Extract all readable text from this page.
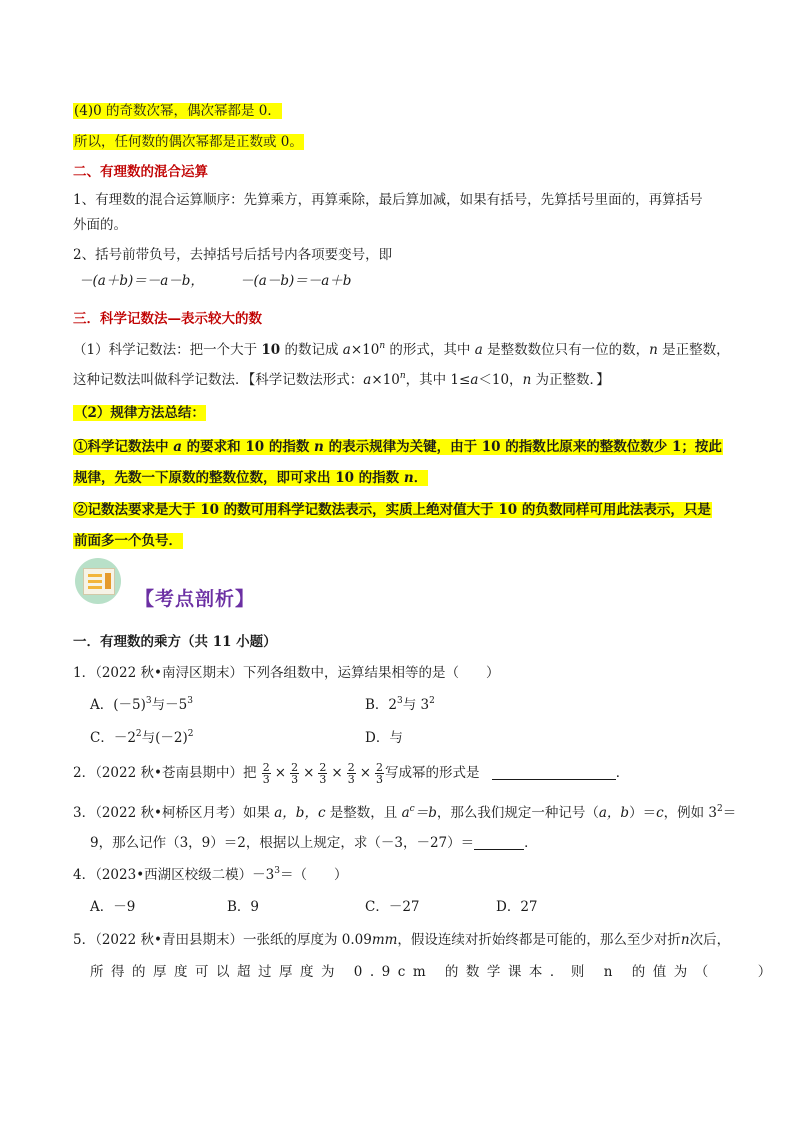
(4)0 的奇数次幂，偶次幂都是 0．
所以，任何数的偶次幂都是正数或 0。
二、有理数的混合运算
1、有理数的混合运算顺序：先算乘方，再算乘除，最后算加减，如果有括号，先算括号里面的，再算括号
外面的。
2、括号前带负号，去掉括号后括号内各项要变号，即
－(a＋b)＝－a－b，	－(a－b)＝－a＋b
三．科学记数法—表示较大的数
（1）科学记数法：把一个大于 10 的数记成 $a\times 10^n$ 的形式，其中 a 是整数数位只有一位的数，n 是正整数，
这种记数法叫做科学记数法．【科学记数法形式：$a\times 10^n$，其中 1≤a＜10，n 为正整数．】
（2）规律方法总结：
①科学记数法中 a 的要求和 10 的指数 n 的表示规律为关键，由于 10 的指数比原来的整数位数少 1；按此
规律，先数一下原数的整数位数，即可求出 10 的指数 n．
②记数法要求是大于 10 的数可用科学记数法表示，实质上绝对值大于 10 的负数同样可用此法表示，只是
前面多一个负号．
【考点剖析】
一．有理数的乘方（共 11 小题）
1．（2022 秋•南浔区期末）下列各组数中，运算结果相等的是（　　）
A．$(-5)^3$与$-5^3$	B．$2^3$与 $3^2$
C．$-2^2$与$(-2)^2$	D．与
2．（2022 秋•苍南县期中）把 $\frac{2}{3} \times \frac{2}{3} \times \frac{2}{3} \times \frac{2}{3} \times \frac{2}{3}$ 写成幂的形式是	．
3．（2022 秋•柯桥区月考）如果 a，b，c 是整数，且 $a^c=b$，那么我们规定一种记号（a，b）＝c，例如 $3^2=$
9，那么记作（3，9）＝2，根据以上规定，求（－3，－27）＝	．
4．（2023•西湖区校级二模）$-3^3=$（　　）
A．－9	B．9	C．－27	D．27
5．（2022 秋•青田县期末）一张纸的厚度为 0.09mm，假设连续对折始终都是可能的，那么至少对折n次后，
所得的厚度可以超过厚度为 0.9cm 的数学课本．则 n 的值为（　　）
